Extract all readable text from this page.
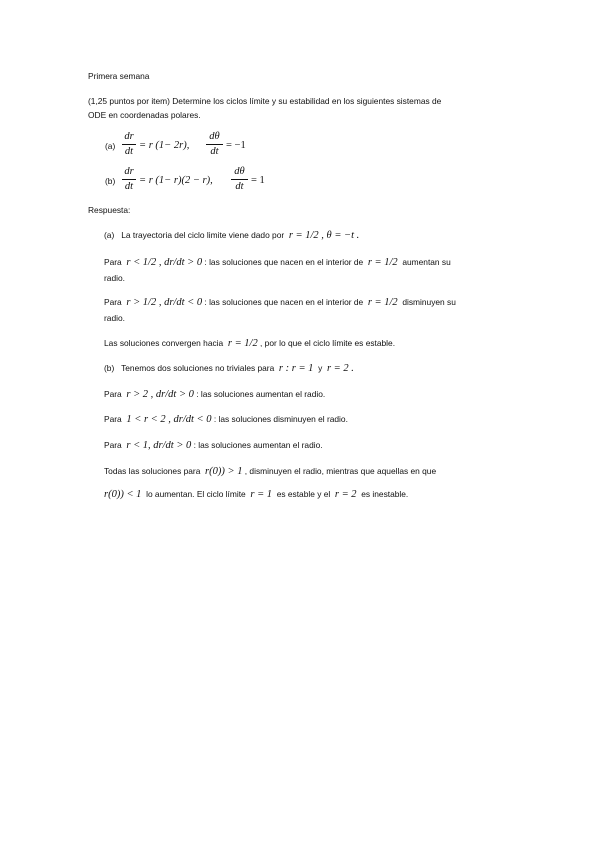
Primera semana
(1,25 puntos por item) Determine los ciclos límite y su estabilidad en los siguientes sistemas de
ODE en coordenadas polares.
(a)
dr
dt
= r (1− 2r),
dθ
dt
= −1
(b)
dr
dt
= r (1− r)(2 − r),
dθ
dt
= 1
Respuesta:
(a) La trayectoria del ciclo limite viene dado por r = 1/2 , θ = −t .
Para r < 1/2 , dr/dt > 0 : las soluciones que nacen en el interior de r = 1/2 aumentan su
radio.
Para r > 1/2 , dr/dt < 0 : las soluciones que nacen en el interior de r = 1/2 disminuyen su
radio.
Las soluciones convergen hacia r = 1/2 , por lo que el ciclo límite es estable.
(b) Tenemos dos soluciones no triviales para r : r = 1 y r = 2 .
Para r > 2 , dr/dt > 0 : las soluciones aumentan el radio.
Para 1 < r < 2 , dr/dt < 0 : las soluciones disminuyen el radio.
Para r < 1, dr/dt > 0 : las soluciones aumentan el radio.
Todas las soluciones para r(0)) > 1 , disminuyen el radio, mientras que aquellas en que
r(0)) < 1 lo aumentan. El ciclo límite r = 1 es estable y el r = 2 es inestable.
